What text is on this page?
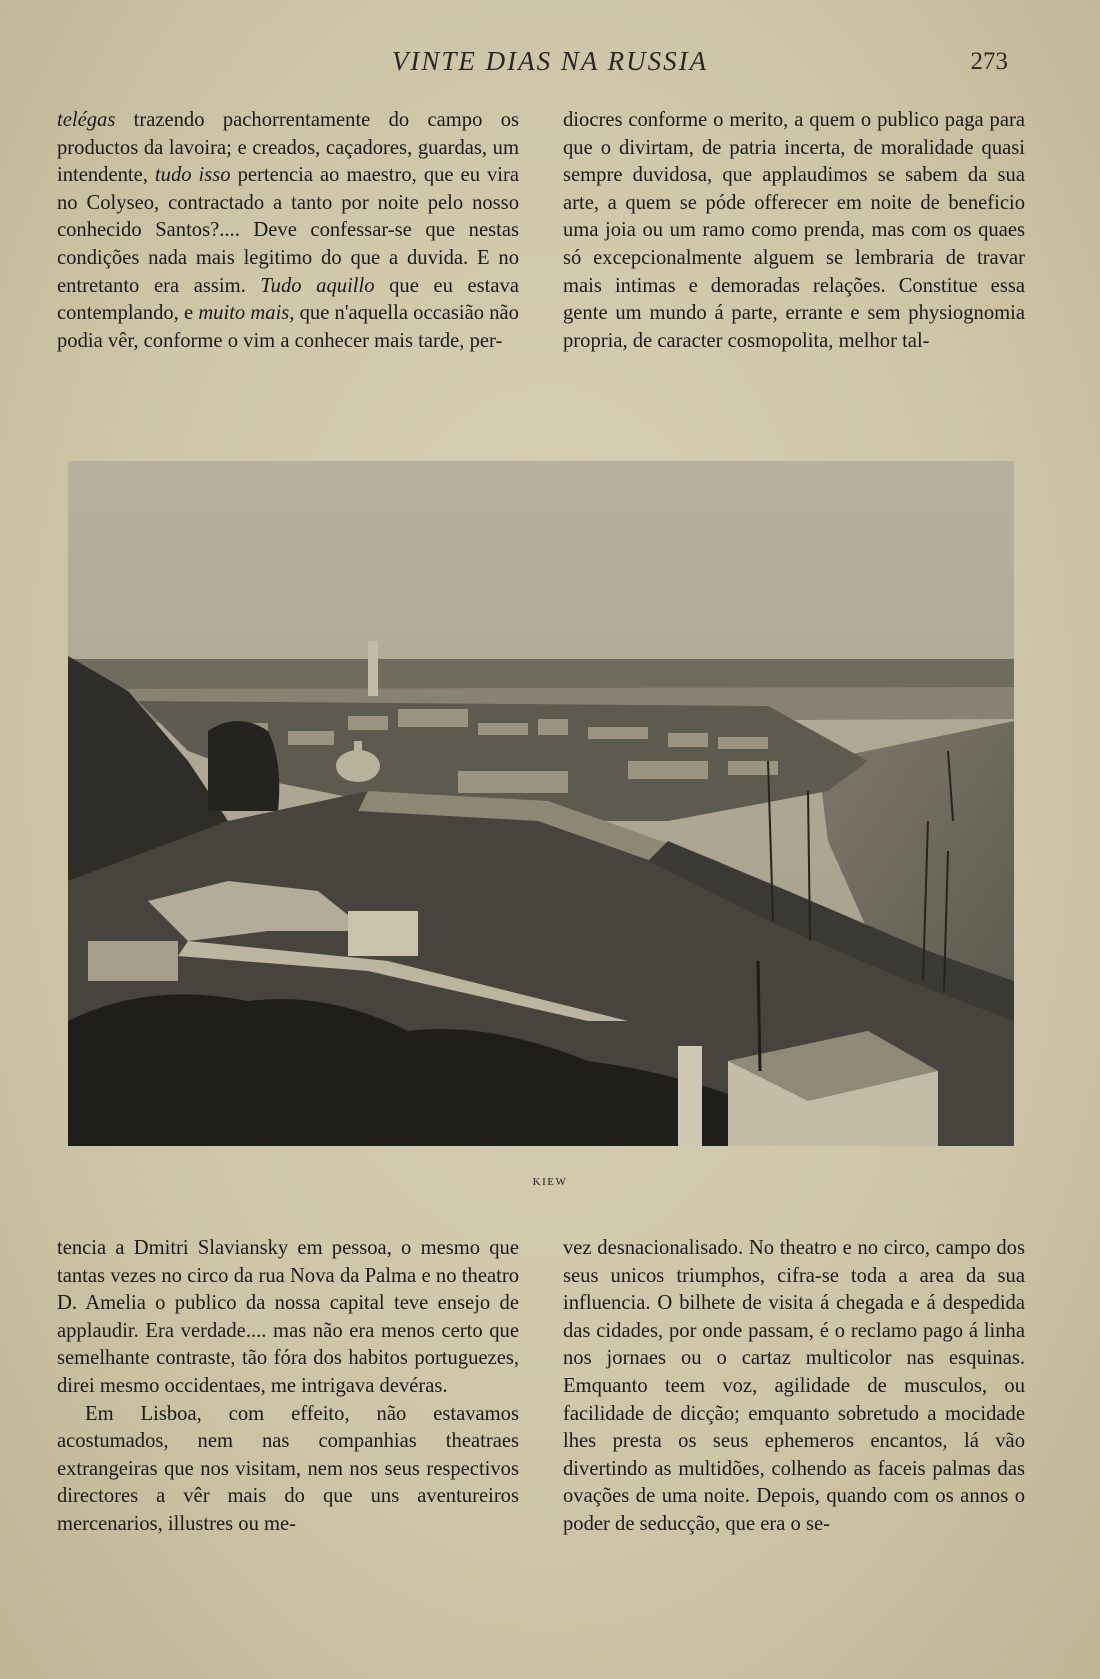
VINTE DIAS NA RUSSIA	273

telégas trazendo pachorrentamente do campo os productos da lavoira; e creados, caçadores, guardas, um intendente, tudo isso pertencia ao maestro, que eu vira no Colyseo, contractado a tanto por noite pelo nosso conhecido Santos?.... Deve confessar-se que nestas condições nada mais legitimo do que a duvida. E no entretanto era assim. Tudo aquillo que eu estava contemplando, e muito mais, que n'aquella occasião não podia vêr, conforme o vim a conhecer mais tarde, per-

diocres conforme o merito, a quem o publico paga para que o divirtam, de patria incerta, de moralidade quasi sempre duvidosa, que applaudimos se sabem da sua arte, a quem se póde offerecer em noite de beneficio uma joia ou um ramo como prenda, mas com os quaes só excepcionalmente alguem se lembraria de travar mais intimas e demoradas relações. Constitue essa gente um mundo á parte, errante e sem physiognomia propria, de caracter cosmopolita, melhor tal-

KIEW

tencia a Dmitri Slaviansky em pessoa, o mesmo que tantas vezes no circo da rua Nova da Palma e no theatro D. Amelia o publico da nossa capital teve ensejo de applaudir. Era verdade.... mas não era menos certo que semelhante contraste, tão fóra dos habitos portuguezes, direi mesmo occidentaes, me intrigava devéras.

Em Lisboa, com effeito, não estavamos acostumados, nem nas companhias theatraes extrangeiras que nos visitam, nem nos seus respectivos directores a vêr mais do que uns aventureiros mercenarios, illustres ou me-

vez desnacionalisado. No theatro e no circo, campo dos seus unicos triumphos, cifra-se toda a area da sua influencia. O bilhete de visita á chegada e á despedida das cidades, por onde passam, é o reclamo pago á linha nos jornaes ou o cartaz multicolor nas esquinas. Emquanto teem voz, agilidade de musculos, ou facilidade de dicção; emquanto sobretudo a mocidade lhes presta os seus ephemeros encantos, lá vão divertindo as multidões, colhendo as faceis palmas das ovações de uma noite. Depois, quando com os annos o poder de seducção, que era o se-
